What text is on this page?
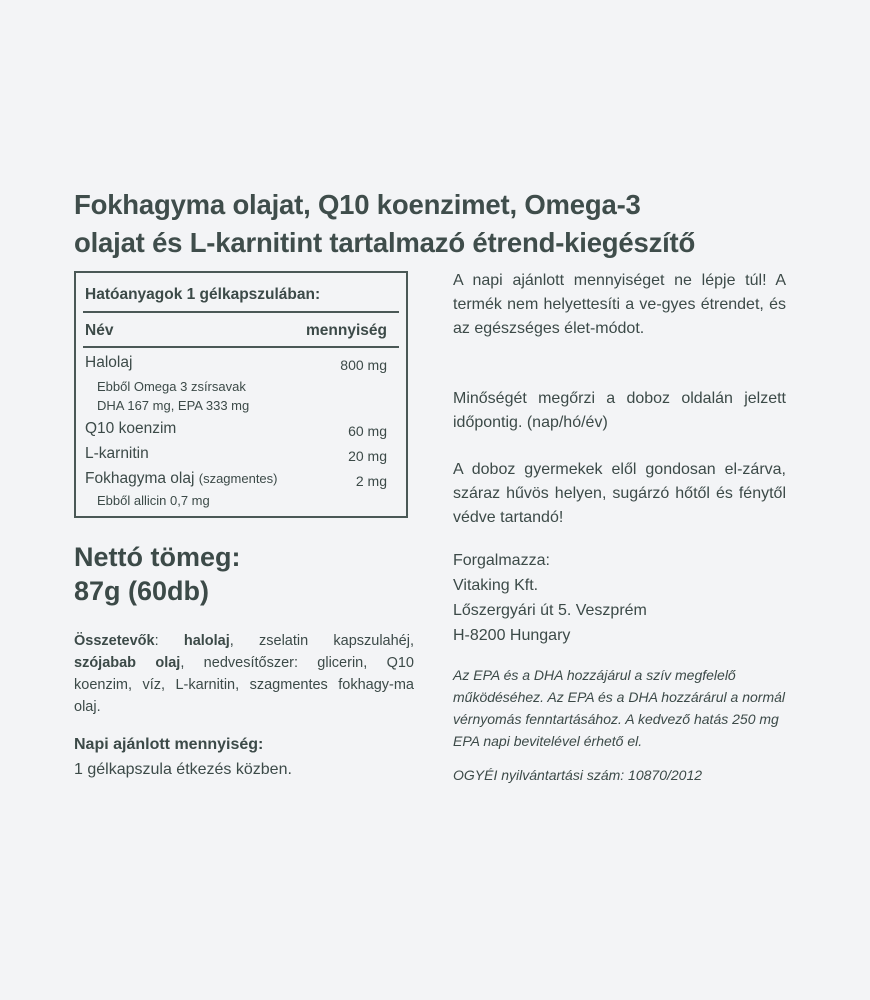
Fokhagyma olajat, Q10 koenzimet, Omega-3
olajat és L-karnitint tartalmazó étrend-kiegészítő
Hatóanyagok 1 gélkapszulában:
Név	mennyiség
Halolaj	800 mg
Ebből Omega 3 zsírsavak
DHA 167 mg, EPA 333 mg
Q10 koenzim	60 mg
L-karnitin	20 mg
Fokhagyma olaj (szagmentes)	2 mg
Ebből allicin 0,7 mg
Nettó tömeg:
87g (60db)

Összetevők: halolaj, zselatin kapszulahéj, szójabab olaj, nedvesítőszer: glicerin, Q10 koenzim, víz, L-karnitin, szagmentes fokhagy-ma olaj.

Napi ajánlott mennyiség:

1 gélkapszula étkezés közben.

A napi ajánlott mennyiséget ne lépje túl! A termék nem helyettesíti a ve-gyes étrendet, és az egészséges élet-módot.

Minőségét megőrzi a doboz oldalán jelzett időpontig. (nap/hó/év)

A doboz gyermekek elől gondosan el-zárva, száraz hűvös helyen, sugárzó hőtől és fénytől védve tartandó!

Forgalmazza:
Vitaking Kft.
Lőszergyári út 5. Veszprém
H-8200 Hungary

Az EPA és a DHA hozzájárul a szív megfelelő működéséhez. Az EPA és a DHA hozzárárul a normál vérnyomás fenntartásához. A kedvező hatás 250 mg EPA napi bevitelével érhető el.

OGYÉI nyilvántartási szám: 10870/2012
